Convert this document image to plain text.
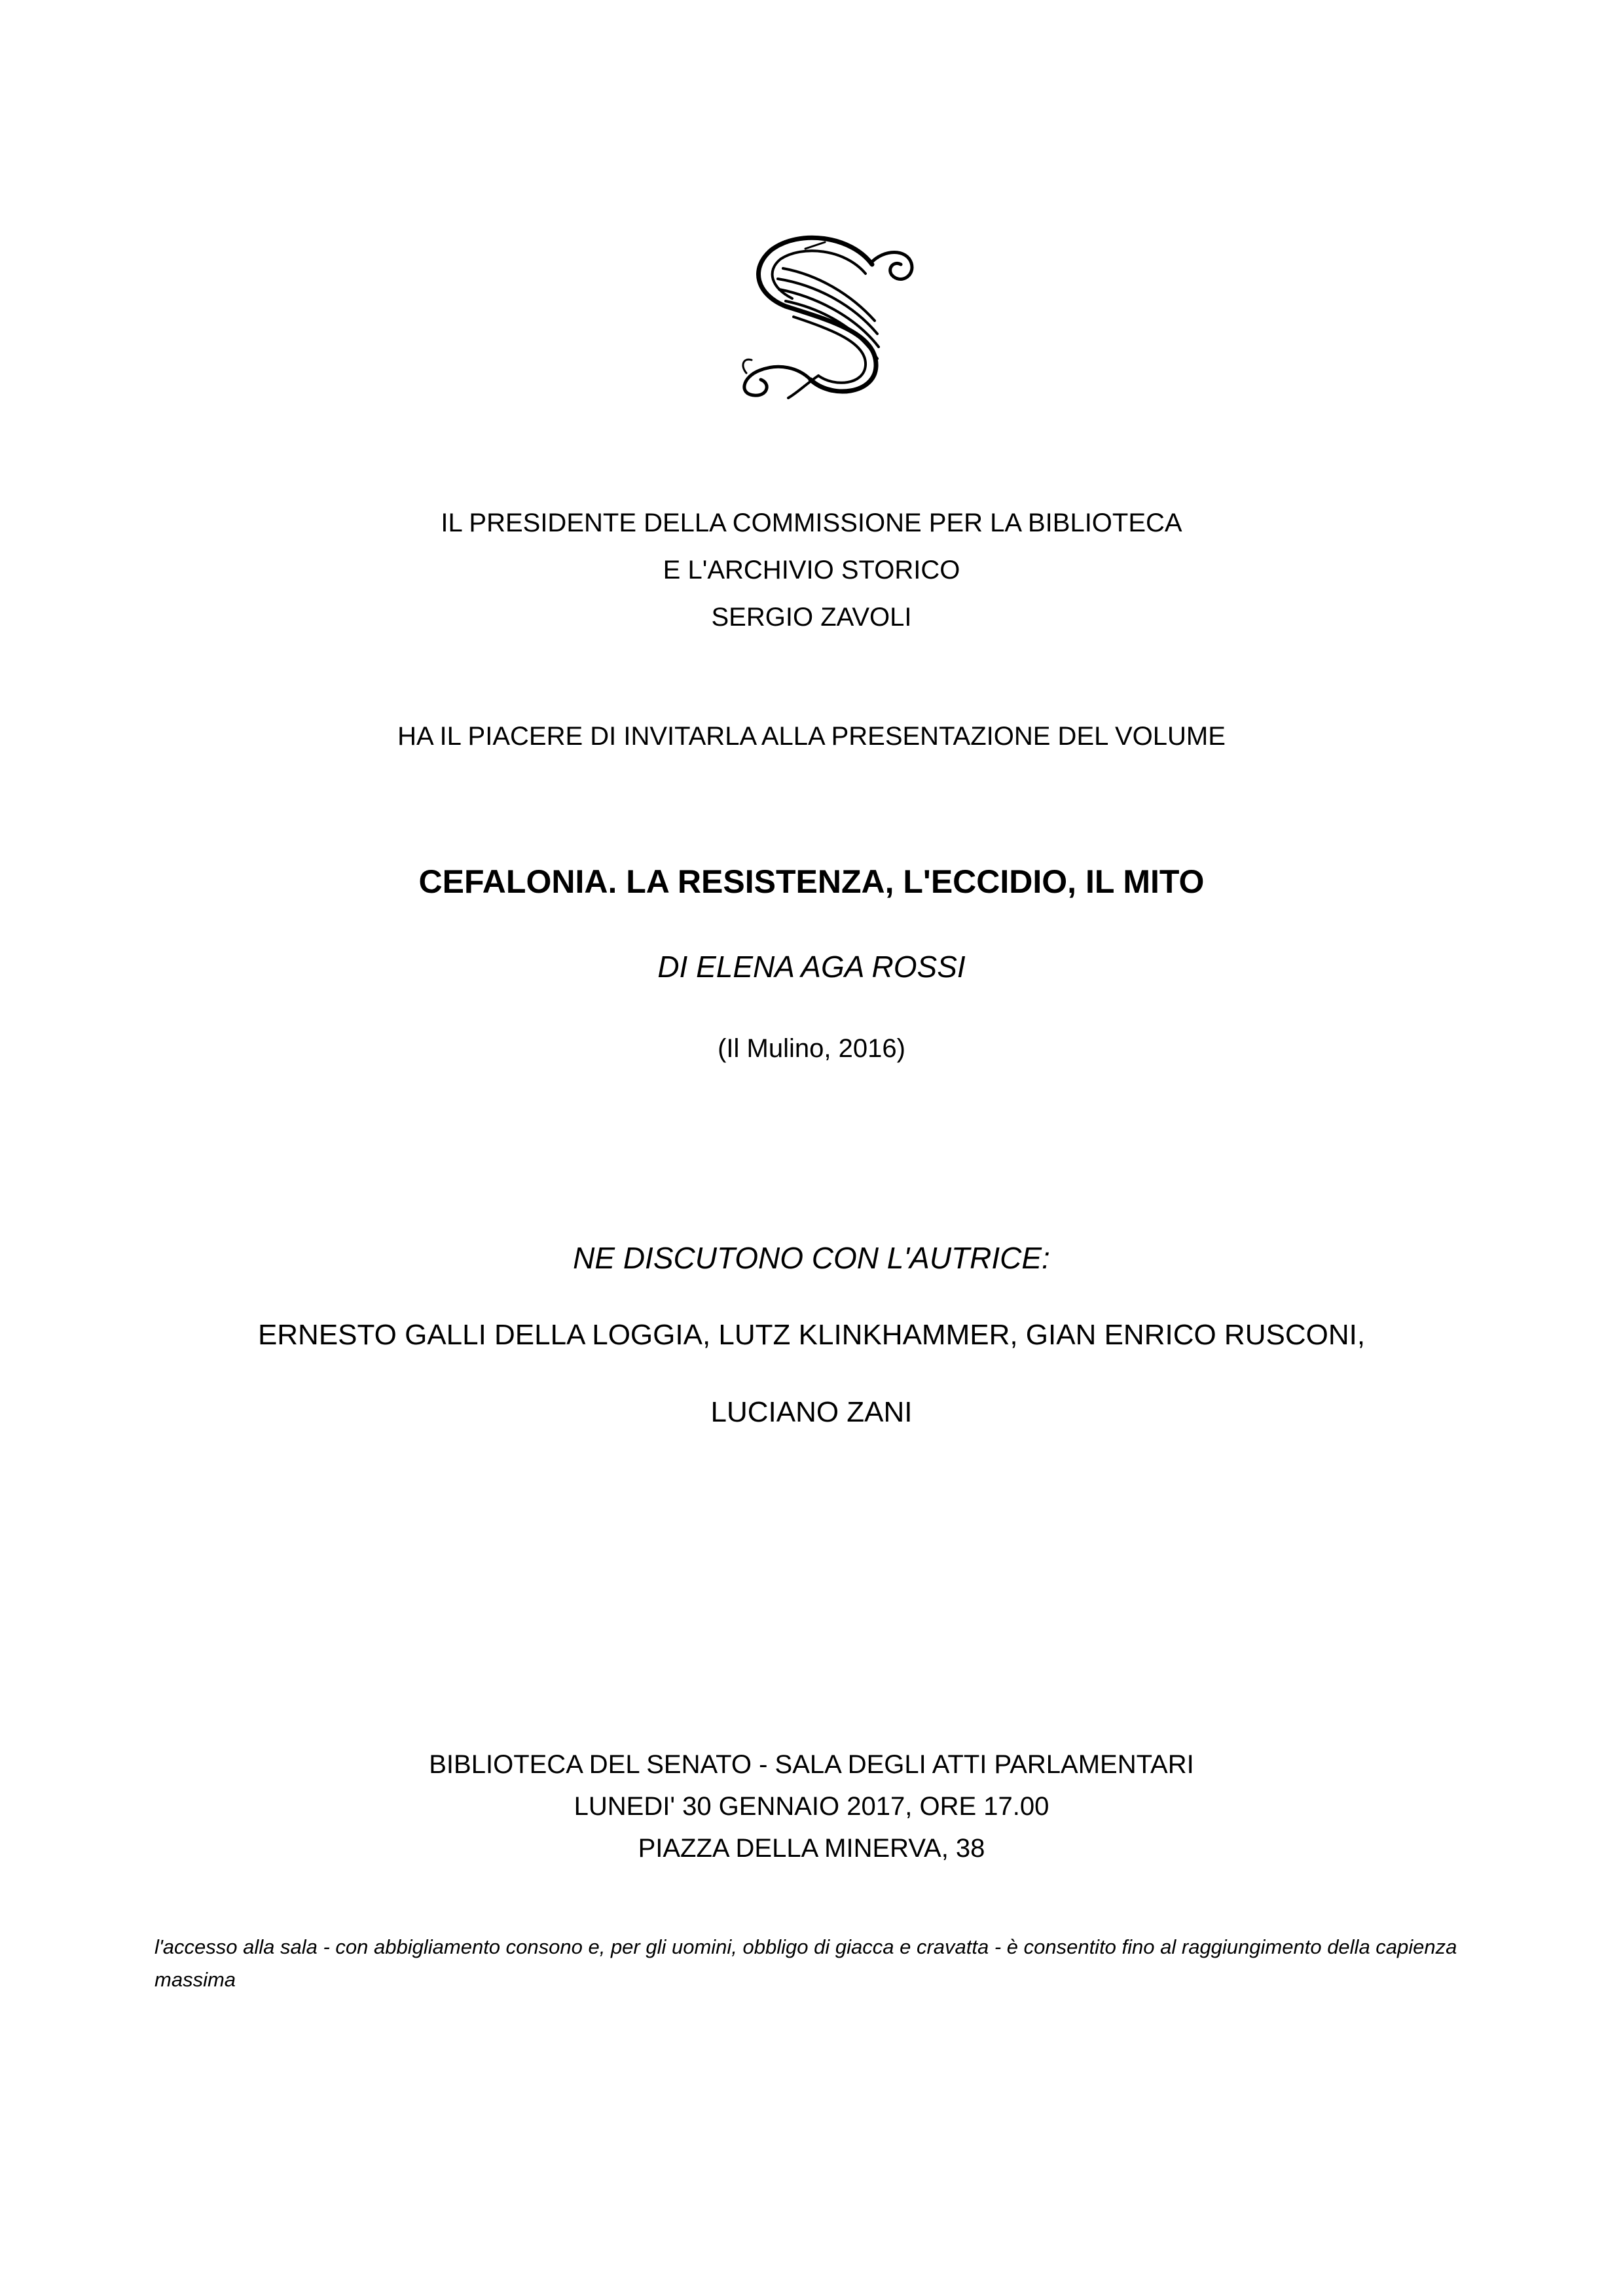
S
IL PRESIDENTE DELLA COMMISSIONE PER LA BIBLIOTECA
E L'ARCHIVIO STORICO
SERGIO ZAVOLI
HA IL PIACERE DI INVITARLA ALLA PRESENTAZIONE DEL VOLUME
CEFALONIA. LA RESISTENZA, L'ECCIDIO, IL MITO
DI ELENA AGA ROSSI
(Il Mulino, 2016)
NE DISCUTONO CON L'AUTRICE:
ERNESTO GALLI DELLA LOGGIA, LUTZ KLINKHAMMER, GIAN ENRICO RUSCONI,
LUCIANO ZANI
BIBLIOTECA DEL SENATO - SALA DEGLI ATTI PARLAMENTARI
LUNEDI' 30 GENNAIO 2017, ORE 17.00
PIAZZA DELLA MINERVA, 38
l'accesso alla sala - con abbigliamento consono e, per gli uomini, obbligo di giacca e cravatta - è consentito fino al raggiungimento della capienza massima
